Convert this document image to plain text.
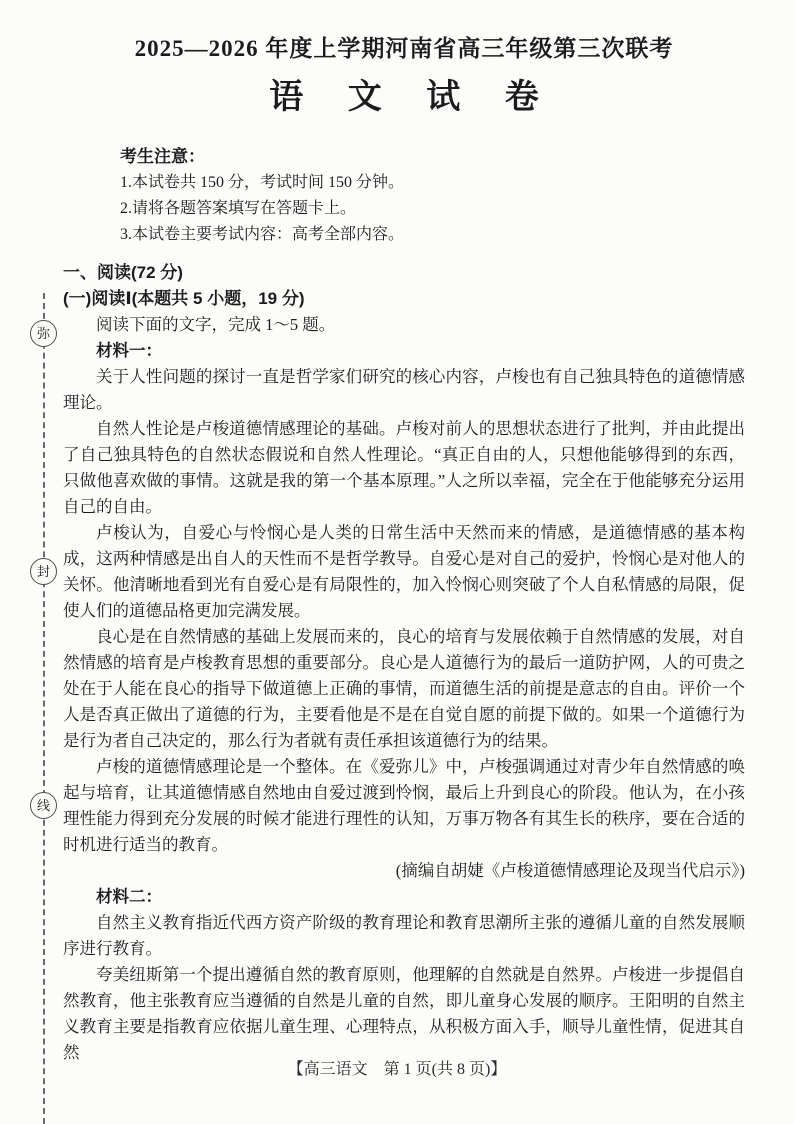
弥
封
线
2025—2026 年度上学期河南省高三年级第三次联考
语 文 试 卷
考生注意：
1.本试卷共 150 分，考试时间 150 分钟。
2.请将各题答案填写在答题卡上。
3.本试卷主要考试内容：高考全部内容。
一、阅读(72 分)
(一)阅读Ⅰ(本题共 5 小题，19 分)
阅读下面的文字，完成 1～5 题。
材料一：

关于人性问题的探讨一直是哲学家们研究的核心内容，卢梭也有自己独具特色的道德情感理论。

自然人性论是卢梭道德情感理论的基础。卢梭对前人的思想状态进行了批判，并由此提出了自己独具特色的自然状态假说和自然人性理论。“真正自由的人，只想他能够得到的东西，只做他喜欢做的事情。这就是我的第一个基本原理。”人之所以幸福，完全在于他能够充分运用自己的自由。

卢梭认为，自爱心与怜悯心是人类的日常生活中天然而来的情感，是道德情感的基本构成，这两种情感是出自人的天性而不是哲学教导。自爱心是对自己的爱护，怜悯心是对他人的关怀。他清晰地看到光有自爱心是有局限性的，加入怜悯心则突破了个人自私情感的局限，促使人们的道德品格更加完满发展。

良心是在自然情感的基础上发展而来的，良心的培育与发展依赖于自然情感的发展，对自然情感的培育是卢梭教育思想的重要部分。良心是人道德行为的最后一道防护网，人的可贵之处在于人能在良心的指导下做道德上正确的事情，而道德生活的前提是意志的自由。评价一个人是否真正做出了道德的行为，主要看他是不是在自觉自愿的前提下做的。如果一个道德行为是行为者自己决定的，那么行为者就有责任承担该道德行为的结果。

卢梭的道德情感理论是一个整体。在《爱弥儿》中，卢梭强调通过对青少年自然情感的唤起与培育，让其道德情感自然地由自爱过渡到怜悯，最后上升到良心的阶段。他认为，在小孩理性能力得到充分发展的时候才能进行理性的认知，万事万物各有其生长的秩序，要在合适的时机进行适当的教育。

(摘编自胡婕《卢梭道德情感理论及现当代启示》)
材料二：

自然主义教育指近代西方资产阶级的教育理论和教育思潮所主张的遵循儿童的自然发展顺序进行教育。

夸美纽斯第一个提出遵循自然的教育原则，他理解的自然就是自然界。卢梭进一步提倡自然教育，他主张教育应当遵循的自然是儿童的自然，即儿童身心发展的顺序。王阳明的自然主义教育主要是指教育应依据儿童生理、心理特点，从积极方面入手，顺导儿童性情，促进其自然

【高三语文　第 1 页(共 8 页)】
